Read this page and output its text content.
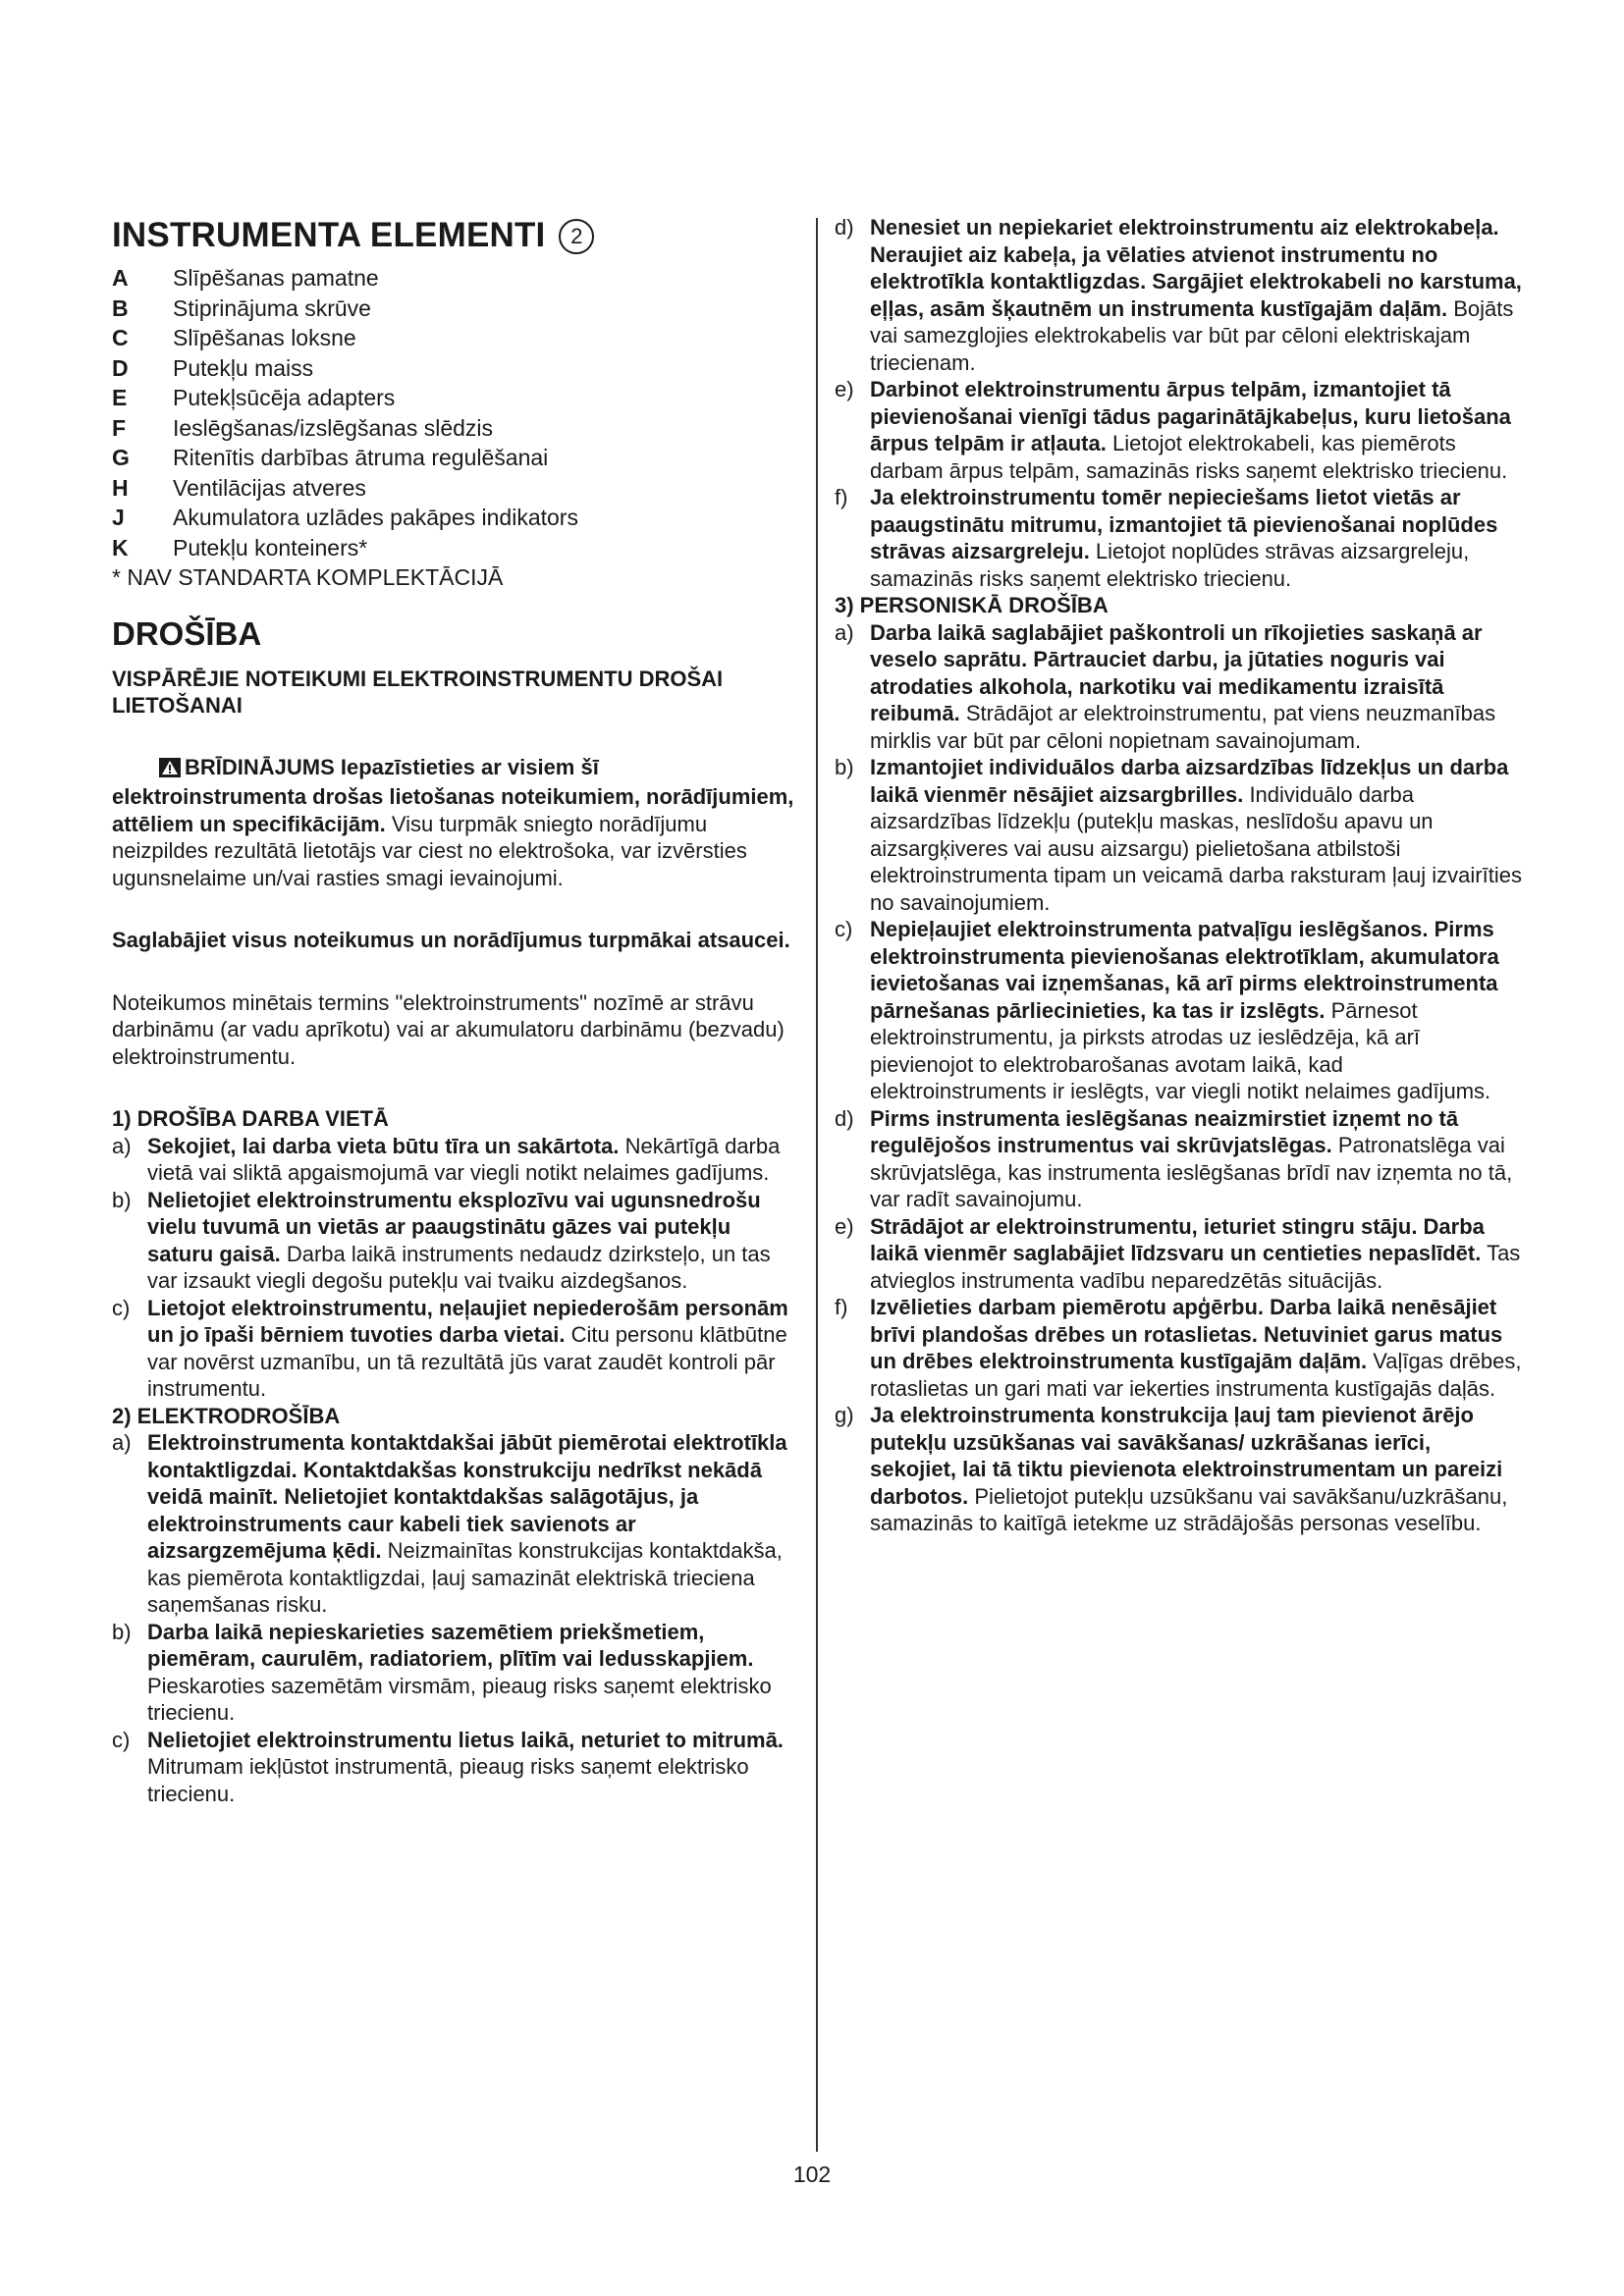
INSTRUMENTA ELEMENTI 2
A	Slīpēšanas pamatne
B	Stiprinājuma skrūve
C	Slīpēšanas loksne
D	Putekļu maiss
E	Putekļsūcēja adapters
F	Ieslēgšanas/izslēgšanas slēdzis
G	Ritenītis darbības ātruma regulēšanai
H	Ventilācijas atveres
J	Akumulatora uzlādes pakāpes indikators
K	Putekļu konteiners*
* NAV STANDARTA KOMPLEKTĀCIJĀ
DROŠĪBA

VISPĀRĒJIE NOTEIKUMI ELEKTROINSTRUMENTU DROŠAI LIETOŠANAI

BRĪDINĀJUMS Iepazīstieties ar visiem šī elektroinstrumenta drošas lietošanas noteikumiem, norādījumiem, attēliem un specifikācijām. Visu turpmāk sniegto norādījumu neizpildes rezultātā lietotājs var ciest no elektrošoka, var izvērsties ugunsnelaime un/vai rasties smagi ievainojumi.

Saglabājiet visus noteikumus un norādījumus turpmākai atsaucei.

Noteikumos minētais termins "elektroinstruments" nozīmē ar strāvu darbināmu (ar vadu aprīkotu) vai ar akumulatoru darbināmu (bezvadu) elektroinstrumentu.

1) DROŠĪBA DARBA VIETĀ

a) Sekojiet, lai darba vieta būtu tīra un sakārtota. Nekārtīgā darba vietā vai sliktā apgaismojumā var viegli notikt nelaimes gadījums.
b) Nelietojiet elektroinstrumentu eksplozīvu vai ugunsnedrošu vielu tuvumā un vietās ar paaugstinātu gāzes vai putekļu saturu gaisā. Darba laikā instruments nedaudz dzirksteļo, un tas var izsaukt viegli degošu putekļu vai tvaiku aizdegšanos.
c) Lietojot elektroinstrumentu, neļaujiet nepiederošām personām un jo īpaši bērniem tuvoties darba vietai. Citu personu klātbūtne var novērst uzmanību, un tā rezultātā jūs varat zaudēt kontroli pār instrumentu.

2) ELEKTRODROŠĪBA

a) Elektroinstrumenta kontaktdakšai jābūt piemērotai elektrotīkla kontaktligzdai. Kontaktdakšas konstrukciju nedrīkst nekādā veidā mainīt. Nelietojiet kontaktdakšas salāgotājus, ja elektroinstruments caur kabeli tiek savienots ar aizsargzemējuma ķēdi. Neizmainītas konstrukcijas kontaktdakša, kas piemērota kontaktligzdai, ļauj samazināt elektriskā trieciena saņemšanas risku.
b) Darba laikā nepieskarieties sazemētiem priekšmetiem, piemēram, caurulēm, radiatoriem, plītīm vai ledusskapjiem. Pieskaroties sazemētām virsmām, pieaug risks saņemt elektrisko triecienu.
c) Nelietojiet elektroinstrumentu lietus laikā, neturiet to mitrumā. Mitrumam iekļūstot instrumentā, pieaug risks saņemt elektrisko triecienu.
d) Nenesiet un nepiekariet elektroinstrumentu aiz elektrokabeļa. Neraujiet aiz kabeļa, ja vēlaties atvienot instrumentu no elektrotīkla kontaktligzdas. Sargājiet elektrokabeli no karstuma, eļļas, asām šķautnēm un instrumenta kustīgajām daļām. Bojāts vai samezglojies elektrokabelis var būt par cēloni elektriskajam triecienam.
e) Darbinot elektroinstrumentu ārpus telpām, izmantojiet tā pievienošanai vienīgi tādus pagarinātājkabeļus, kuru lietošana ārpus telpām ir atļauta. Lietojot elektrokabeli, kas piemērots darbam ārpus telpām, samazinās risks saņemt elektrisko triecienu.
f)	Ja elektroinstrumentu tomēr nepieciešams lietot vietās ar paaugstinātu mitrumu, izmantojiet tā pievienošanai noplūdes strāvas aizsargreleju. Lietojot noplūdes strāvas aizsargreleju, samazinās risks saņemt elektrisko triecienu.

3) PERSONISKĀ DROŠĪBA

a) Darba laikā saglabājiet paškontroli un rīkojieties saskaņā ar veselo saprātu. Pārtrauciet darbu, ja jūtaties noguris vai atrodaties alkohola, narkotiku vai medikamentu izraisītā reibumā. Strādājot ar elektroinstrumentu, pat viens neuzmanības mirklis var būt par cēloni nopietnam savainojumam.
b) Izmantojiet individuālos darba aizsardzības līdzekļus un darba laikā vienmēr nēsājiet aizsargbrilles. Individuālo darba aizsardzības līdzekļu (putekļu maskas, neslīdošu apavu un aizsargķiveres vai ausu aizsargu) pielietošana atbilstoši elektroinstrumenta tipam un veicamā darba raksturam ļauj izvairīties no savainojumiem.
c) Nepieļaujiet elektroinstrumenta patvaļīgu ieslēgšanos. Pirms elektroinstrumenta pievienošanas elektrotīklam, akumulatora ievietošanas vai izņemšanas, kā arī pirms elektroinstrumenta pārnešanas pārliecinieties, ka tas ir izslēgts. Pārnesot elektroinstrumentu, ja pirksts atrodas uz ieslēdzēja, kā arī pievienojot to elektrobarošanas avotam laikā, kad elektroinstruments ir ieslēgts, var viegli notikt nelaimes gadījums.
d) Pirms instrumenta ieslēgšanas neaizmirstiet izņemt no tā regulējošos instrumentus vai skrūvjatslēgas. Patronatslēga vai skrūvjatslēga, kas instrumenta ieslēgšanas brīdī nav izņemta no tā, var radīt savainojumu.
e) Strādājot ar elektroinstrumentu, ieturiet stingru stāju. Darba laikā vienmēr saglabājiet līdzsvaru un centieties nepaslīdēt. Tas atvieglos instrumenta vadību neparedzētās situācijās.
f)	Izvēlieties darbam piemērotu apģērbu. Darba laikā nenēsājiet brīvi plandošas drēbes un rotaslietas. Netuviniet garus matus un drēbes elektroinstrumenta kustīgajām daļām. Vaļīgas drēbes, rotaslietas un gari mati var iekerties instrumenta kustīgajās daļās.
g) Ja elektroinstrumenta konstrukcija ļauj tam pievienot ārējo putekļu uzsūkšanas vai savākšanas/ uzkrāšanas ierīci, sekojiet, lai tā tiktu pievienota elektroinstrumentam un pareizi darbotos. Pielietojot putekļu uzsūkšanu vai savākšanu/uzkrāšanu, samazinās to kaitīgā ietekme uz strādājošās personas veselību.
102
